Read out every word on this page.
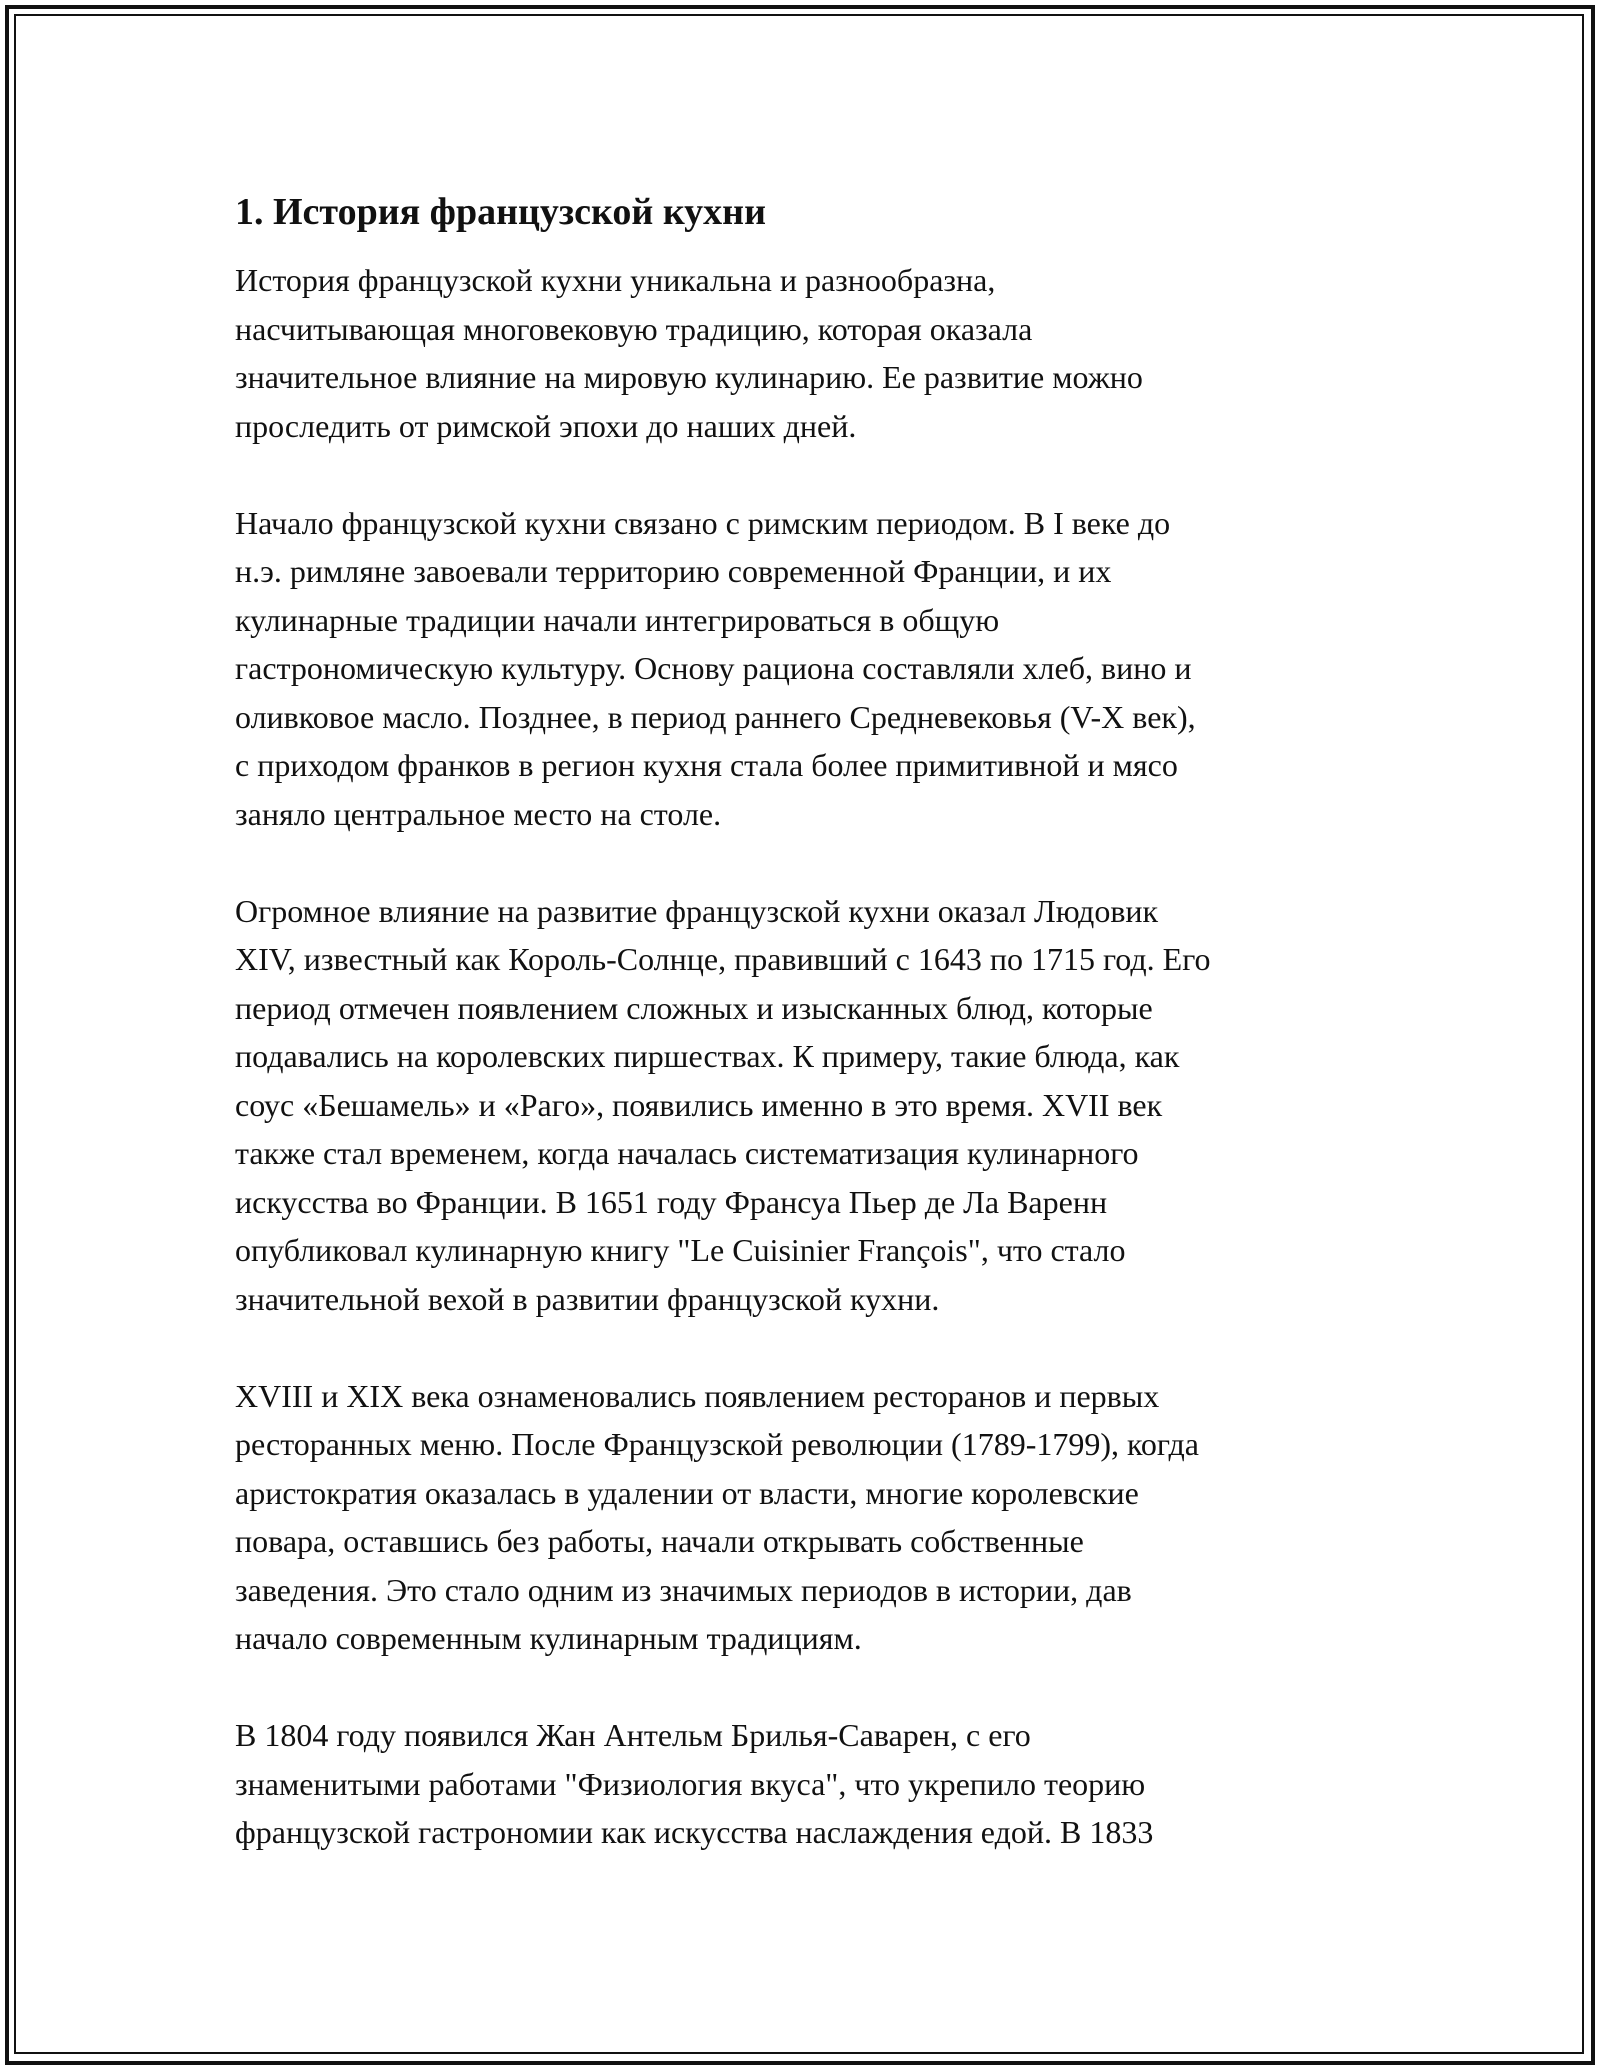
1. История французской кухни

История французской кухни уникальна и разнообразна,
насчитывающая многовековую традицию, которая оказала
значительное влияние на мировую кулинарию. Ее развитие можно
проследить от римской эпохи до наших дней.

Начало французской кухни связано с римским периодом. В I веке до
н.э. римляне завоевали территорию современной Франции, и их
кулинарные традиции начали интегрироваться в общую
гастрономическую культуру. Основу рациона составляли хлеб, вино и
оливковое масло. Позднее, в период раннего Средневековья (V-X век),
с приходом франков в регион кухня стала более примитивной и мясо
заняло центральное место на столе.

Огромное влияние на развитие французской кухни оказал Людовик
XIV, известный как Король-Солнце, правивший с 1643 по 1715 год. Его
период отмечен появлением сложных и изысканных блюд, которые
подавались на королевских пиршествах. К примеру, такие блюда, как
соус «Бешамель» и «Раго», появились именно в это время. XVII век
также стал временем, когда началась систематизация кулинарного
искусства во Франции. В 1651 году Франсуа Пьер де Ла Варенн
опубликовал кулинарную книгу "Le Cuisinier François", что стало
значительной вехой в развитии французской кухни.

XVIII и XIX века ознаменовались появлением ресторанов и первых
ресторанных меню. После Французской революции (1789-1799), когда
аристократия оказалась в удалении от власти, многие королевские
повара, оставшись без работы, начали открывать собственные
заведения. Это стало одним из значимых периодов в истории, дав
начало современным кулинарным традициям.

В 1804 году появился Жан Антельм Брилья-Саварен, с его
знаменитыми работами "Физиология вкуса", что укрепило теорию
французской гастрономии как искусства наслаждения едой. В 1833
